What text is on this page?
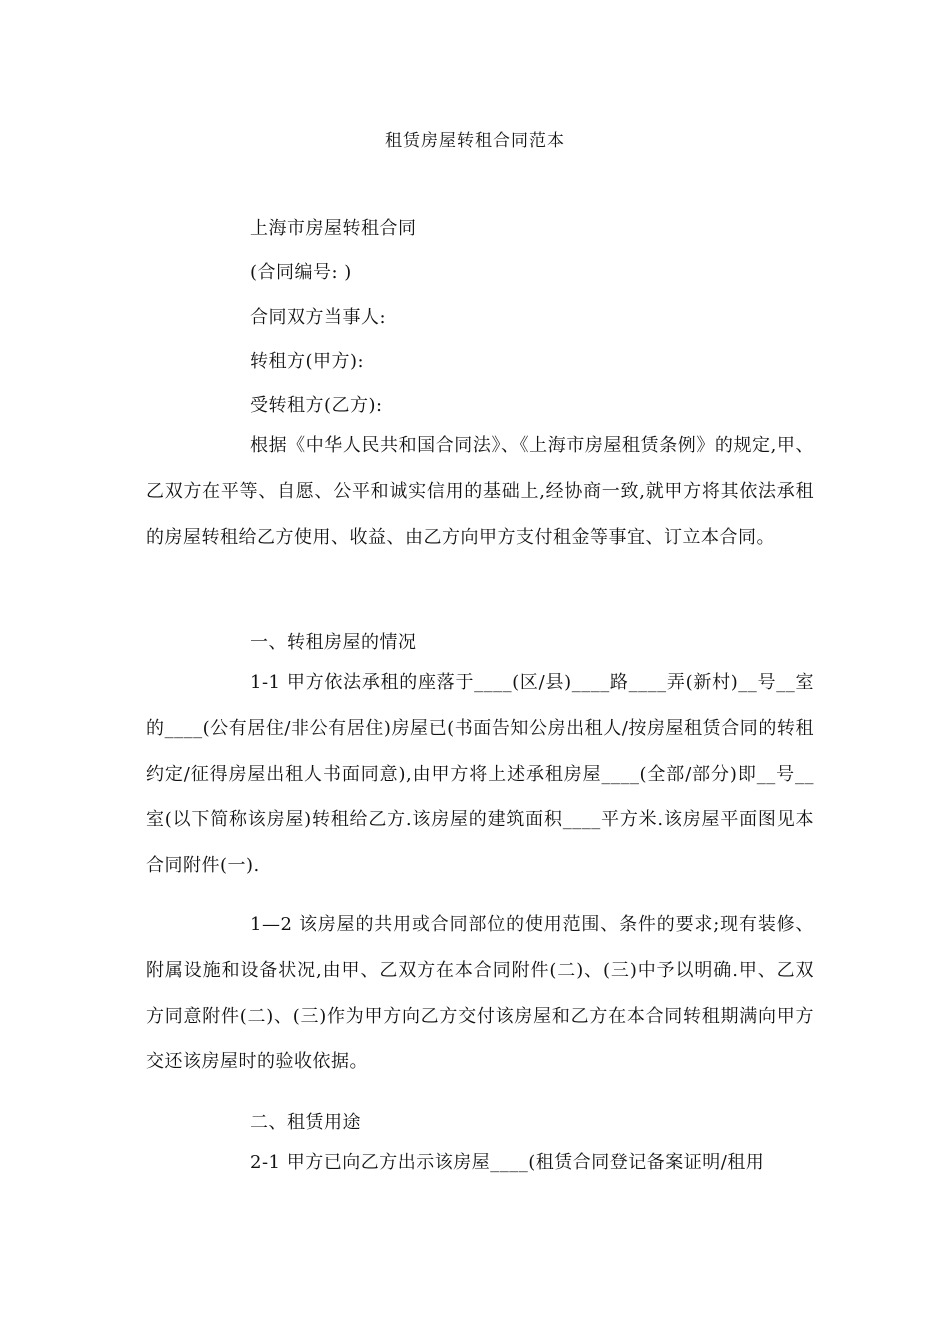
租赁房屋转租合同范本
上海市房屋转租合同
(合同编号: )
合同双方当事人:
转租方(甲方):
受转租方(乙方):
根据《中华人民共和国合同法》、《上海市房屋租赁条例》的规定,甲、乙双方在平等、自愿、公平和诚实信用的基础上,经协商一致,就甲方将其依法承租的房屋转租给乙方使用、收益、由乙方向甲方支付租金等事宜、订立本合同。
一、转租房屋的情况
1-1 甲方依法承租的座落于____(区/县)____路____弄(新村)__号__室的____(公有居住/非公有居住)房屋已(书面告知公房出租人/按房屋租赁合同的转租约定/征得房屋出租人书面同意),由甲方将上述承租房屋____(全部/部分)即__号__室(以下简称该房屋)转租给乙方.该房屋的建筑面积____平方米.该房屋平面图见本合同附件(一).
1—2 该房屋的共用或合同部位的使用范围、条件的要求;现有装修、附属设施和设备状况,由甲、乙双方在本合同附件(二)、(三)中予以明确.甲、乙双方同意附件(二)、(三)作为甲方向乙方交付该房屋和乙方在本合同转租期满向甲方交还该房屋时的验收依据。
二、租赁用途
2-1 甲方已向乙方出示该房屋____(租赁合同登记备案证明/租用
